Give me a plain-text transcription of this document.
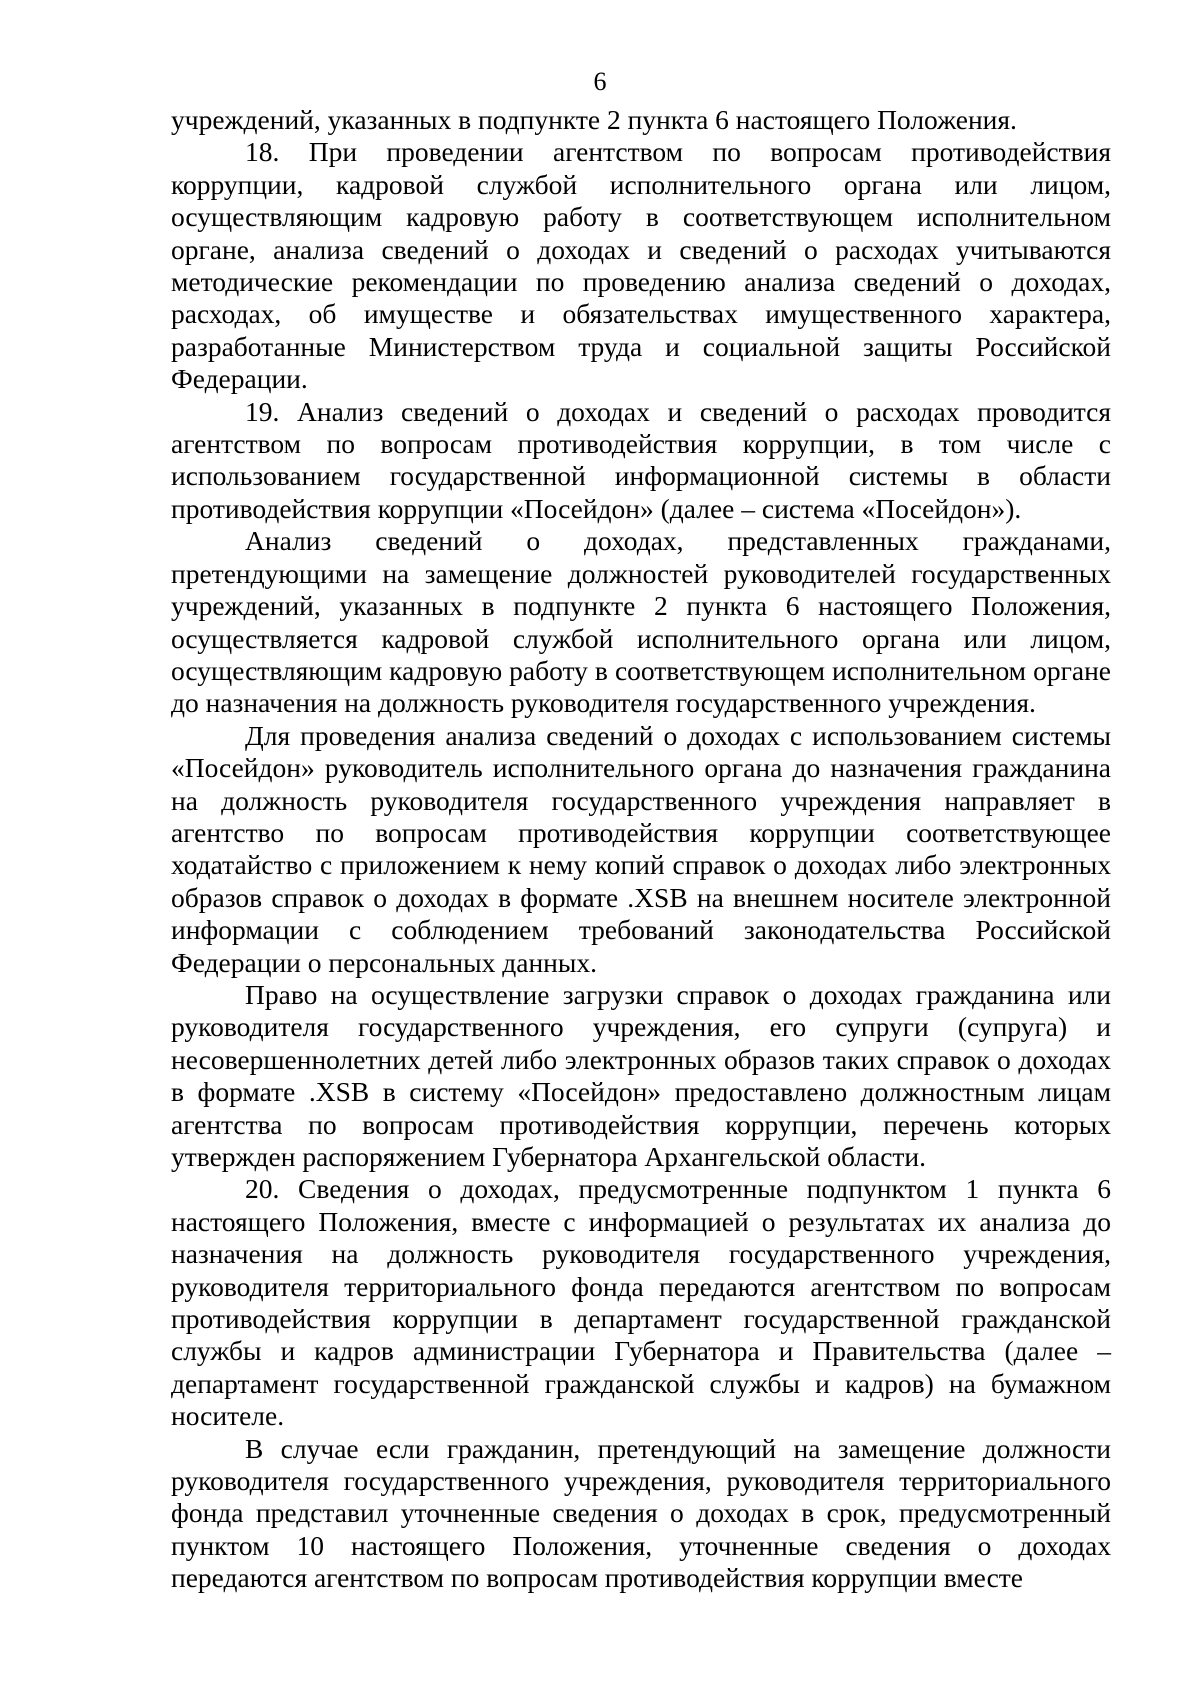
6

учреждений, указанных в подпункте 2 пункта 6 настоящего Положения.

18. При проведении агентством по вопросам противодействия коррупции, кадровой службой исполнительного органа или лицом, осуществляющим кадровую работу в соответствующем исполнительном органе, анализа сведений о доходах и сведений о расходах учитываются методические рекомендации по проведению анализа сведений о доходах, расходах, об имуществе и обязательствах имущественного характера, разработанные Министерством труда и социальной защиты Российской Федерации.

19. Анализ сведений о доходах и сведений о расходах проводится агентством по вопросам противодействия коррупции, в том числе с использованием государственной информационной системы в области противодействия коррупции «Посейдон» (далее – система «Посейдон»).

Анализ сведений о доходах, представленных гражданами, претендующими на замещение должностей руководителей государственных учреждений, указанных в подпункте 2 пункта 6 настоящего Положения, осуществляется кадровой службой исполнительного органа или лицом, осуществляющим кадровую работу в соответствующем исполнительном органе до назначения на должность руководителя государственного учреждения.

Для проведения анализа сведений о доходах с использованием системы «Посейдон» руководитель исполнительного органа до назначения гражданина на должность руководителя государственного учреждения направляет в агентство по вопросам противодействия коррупции соответствующее ходатайство с приложением к нему копий справок о доходах либо электронных образов справок о доходах в формате .XSB на внешнем носителе электронной информации с соблюдением требований законодательства Российской Федерации о персональных данных.

Право на осуществление загрузки справок о доходах гражданина или руководителя государственного учреждения, его супруги (супруга) и несовершеннолетних детей либо электронных образов таких справок о доходах в формате .XSB в систему «Посейдон» предоставлено должностным лицам агентства по вопросам противодействия коррупции, перечень которых утвержден распоряжением Губернатора Архангельской области.

20. Сведения о доходах, предусмотренные подпунктом 1 пункта 6 настоящего Положения, вместе с информацией о результатах их анализа до назначения на должность руководителя государственного учреждения, руководителя территориального фонда передаются агентством по вопросам противодействия коррупции в департамент государственной гражданской службы и кадров администрации Губернатора и Правительства (далее – департамент государственной гражданской службы и кадров) на бумажном носителе.

В случае если гражданин, претендующий на замещение должности руководителя государственного учреждения, руководителя территориального фонда представил уточненные сведения о доходах в срок, предусмотренный пунктом 10 настоящего Положения, уточненные сведения о доходах передаются агентством по вопросам противодействия коррупции вместе
